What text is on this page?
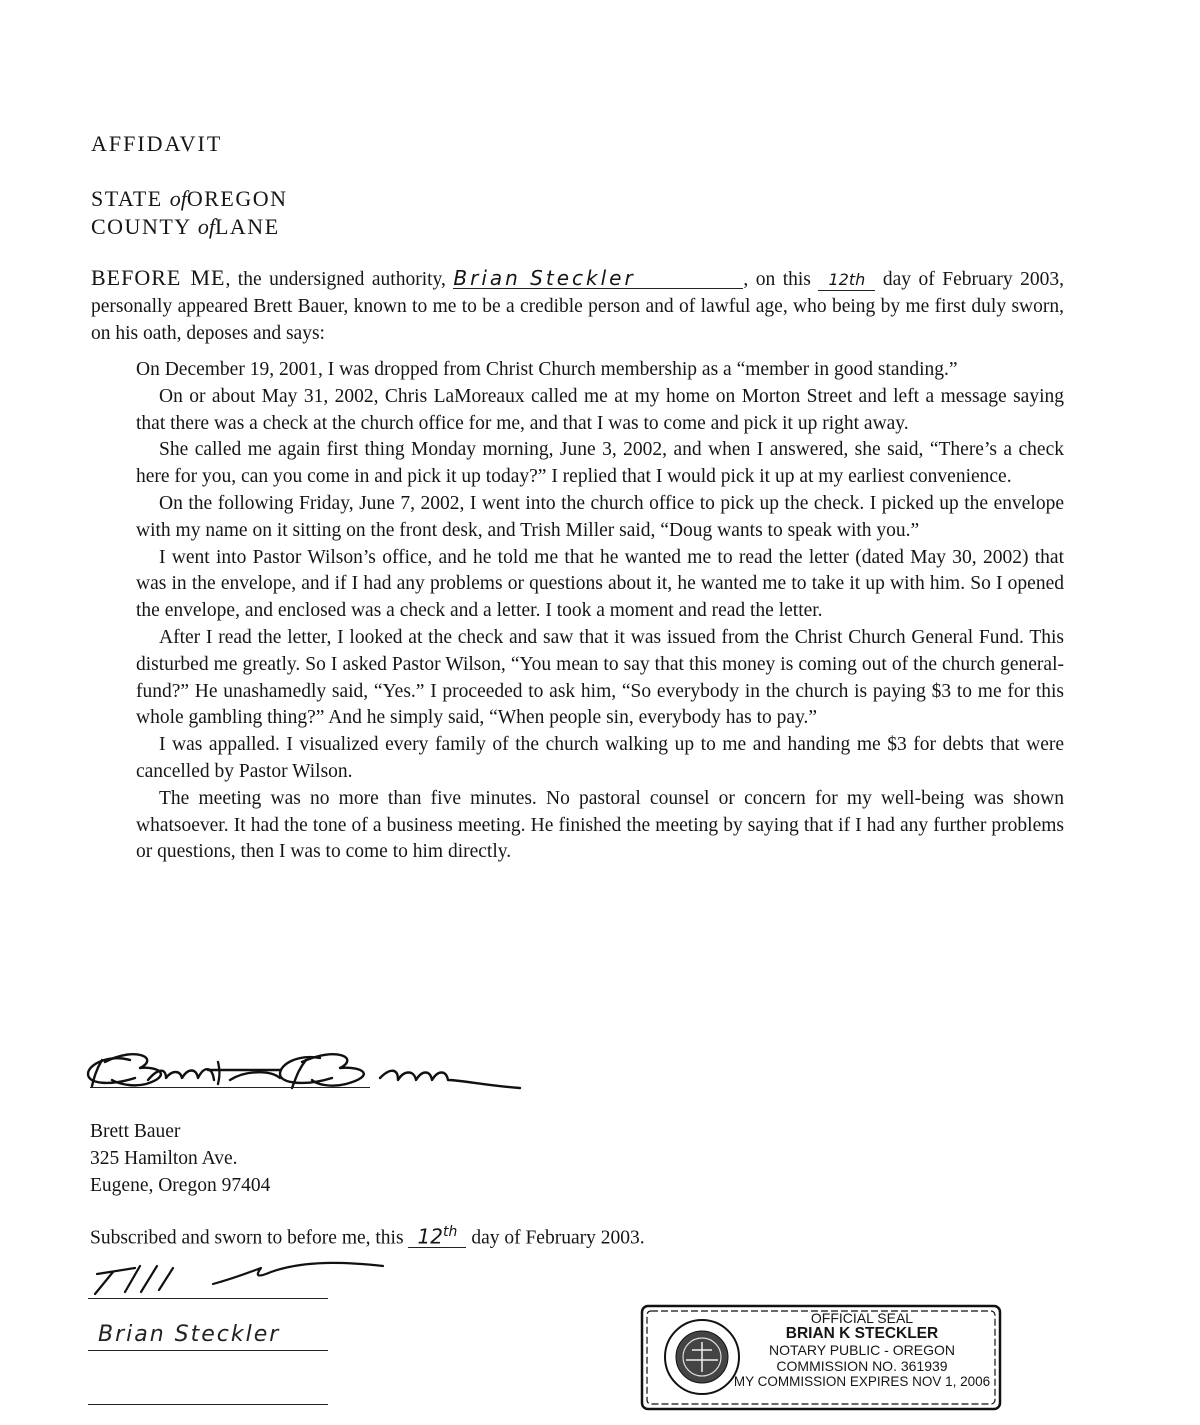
AFFIDAVIT
STATE ofOREGON
COUNTY ofLANE
BEFORE ME, the undersigned authority, Brian Steckler	, on this 12th day of February 2003, personally appeared Brett Bauer, known to me to be a credible person and of lawful age, who being by me first duly sworn, on his oath, deposes and says:

On December 19, 2001, I was dropped from Christ Church membership as a “member in good standing.”

On or about May 31, 2002, Chris LaMoreaux called me at my home on Morton Street and left a message saying that there was a check at the church office for me, and that I was to come and pick it up right away.

She called me again first thing Monday morning, June 3, 2002, and when I answered, she said, “There’s a check here for you, can you come in and pick it up today?” I replied that I would pick it up at my earliest convenience.

On the following Friday, June 7, 2002, I went into the church office to pick up the check. I picked up the envelope with my name on it sitting on the front desk, and Trish Miller said, “Doug wants to speak with you.”

I went into Pastor Wilson’s office, and he told me that he wanted me to read the letter (dated May 30, 2002) that was in the envelope, and if I had any problems or questions about it, he wanted me to take it up with him. So I opened the envelope, and enclosed was a check and a letter. I took a moment and read the letter.

After I read the letter, I looked at the check and saw that it was issued from the Christ Church General Fund. This disturbed me greatly. So I asked Pastor Wilson, “You mean to say that this money is coming out of the church general-fund?” He unashamedly said, “Yes.” I proceeded to ask him, “So everybody in the church is paying $3 to me for this whole gambling thing?” And he simply said, “When people sin, everybody has to pay.”

I was appalled. I visualized every family of the church walking up to me and handing me $3 for debts that were cancelled by Pastor Wilson.

The meeting was no more than five minutes. No pastoral counsel or concern for my well-being was shown whatsoever. It had the tone of a business meeting. He finished the meeting by saying that if I had any further problems or questions, then I was to come to him directly.

Brett Bauer
325 Hamilton Ave.
Eugene, Oregon 97404
Subscribed and sworn to before me, this 12th day of February 2003.
Brian Steckler
OFFICIAL SEAL
BRIAN K STECKLER
NOTARY PUBLIC - OREGON
COMMISSION NO. 361939
MY COMMISSION EXPIRES NOV 1, 2006
